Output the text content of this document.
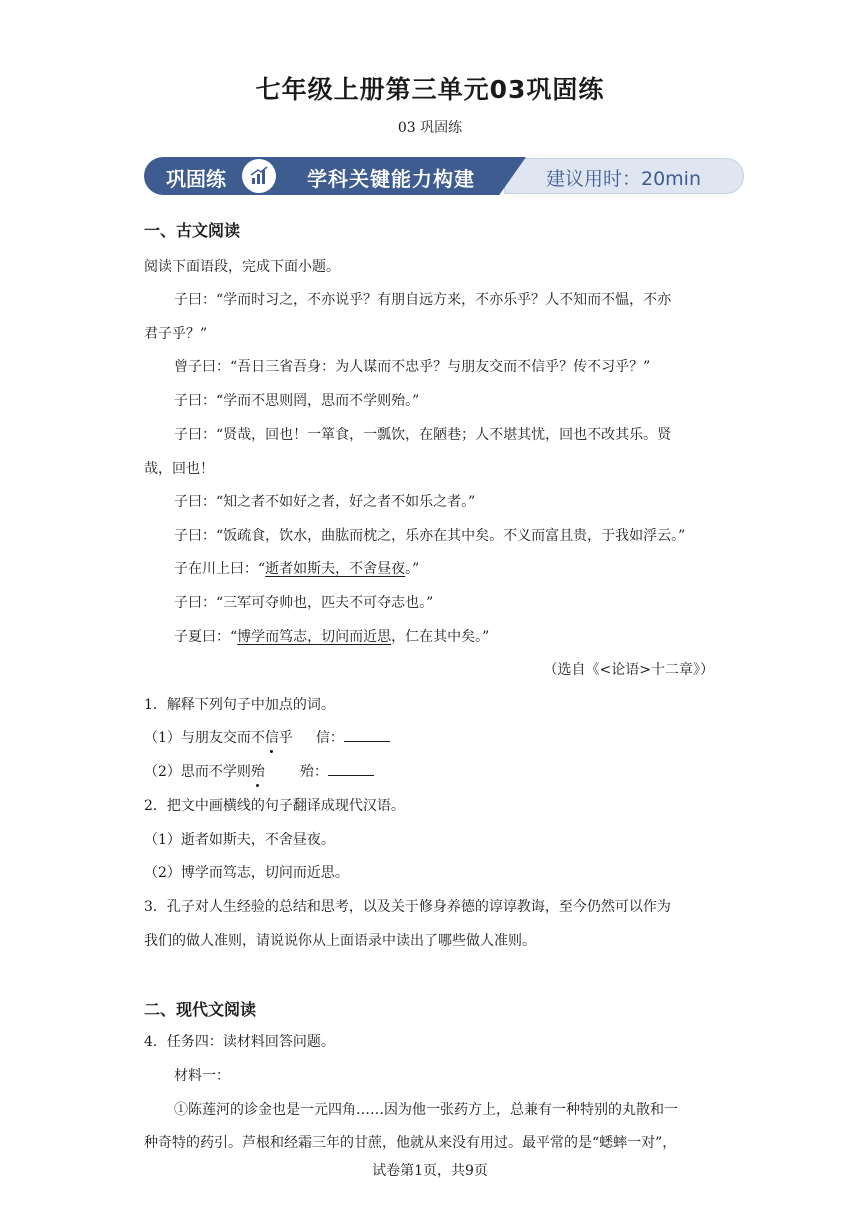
七年级上册第三单元03巩固练
03 巩固练
巩固练	学科关键能力构建	建议用时：20min
一、古文阅读
阅读下面语段，完成下面小题。
子曰：“学而时习之，不亦说乎？有朋自远方来，不亦乐乎？人不知而不愠，不亦
君子乎？”
曾子曰：“吾日三省吾身：为人谋而不忠乎？与朋友交而不信乎？传不习乎？”
子曰：“学而不思则罔，思而不学则殆。”
子曰：“贤哉，回也！一箪食，一瓢饮，在陋巷；人不堪其忧，回也不改其乐。贤
哉，回也！
子曰：“知之者不如好之者，好之者不如乐之者。”
子曰：“饭疏食，饮水，曲肱而枕之，乐亦在其中矣。不义而富且贵，于我如浮云。”
子在川上曰：“逝者如斯夫，不舍昼夜。”
子曰：“三军可夺帅也，匹夫不可夺志也。”
子夏曰：“博学而笃志，切问而近思，仁在其中矣。”
（选自《<论语>十二章》）
1．解释下列句子中加点的词。
（1）与朋友交而不信乎 信：
（2）思而不学则殆 殆：
2．把文中画横线的句子翻译成现代汉语。
（1）逝者如斯夫，不舍昼夜。
（2）博学而笃志，切问而近思。
3．孔子对人生经验的总结和思考，以及关于修身养德的谆谆教诲，至今仍然可以作为
我们的做人准则，请说说你从上面语录中读出了哪些做人准则。
二、现代文阅读
4．任务四：读材料回答问题。
材料一：
①陈莲河的诊金也是一元四角……因为他一张药方上，总兼有一种特别的丸散和一
种奇特的药引。芦根和经霜三年的甘蔗，他就从来没有用过。最平常的是“蟋蟀一对”，
试卷第1页，共9页
